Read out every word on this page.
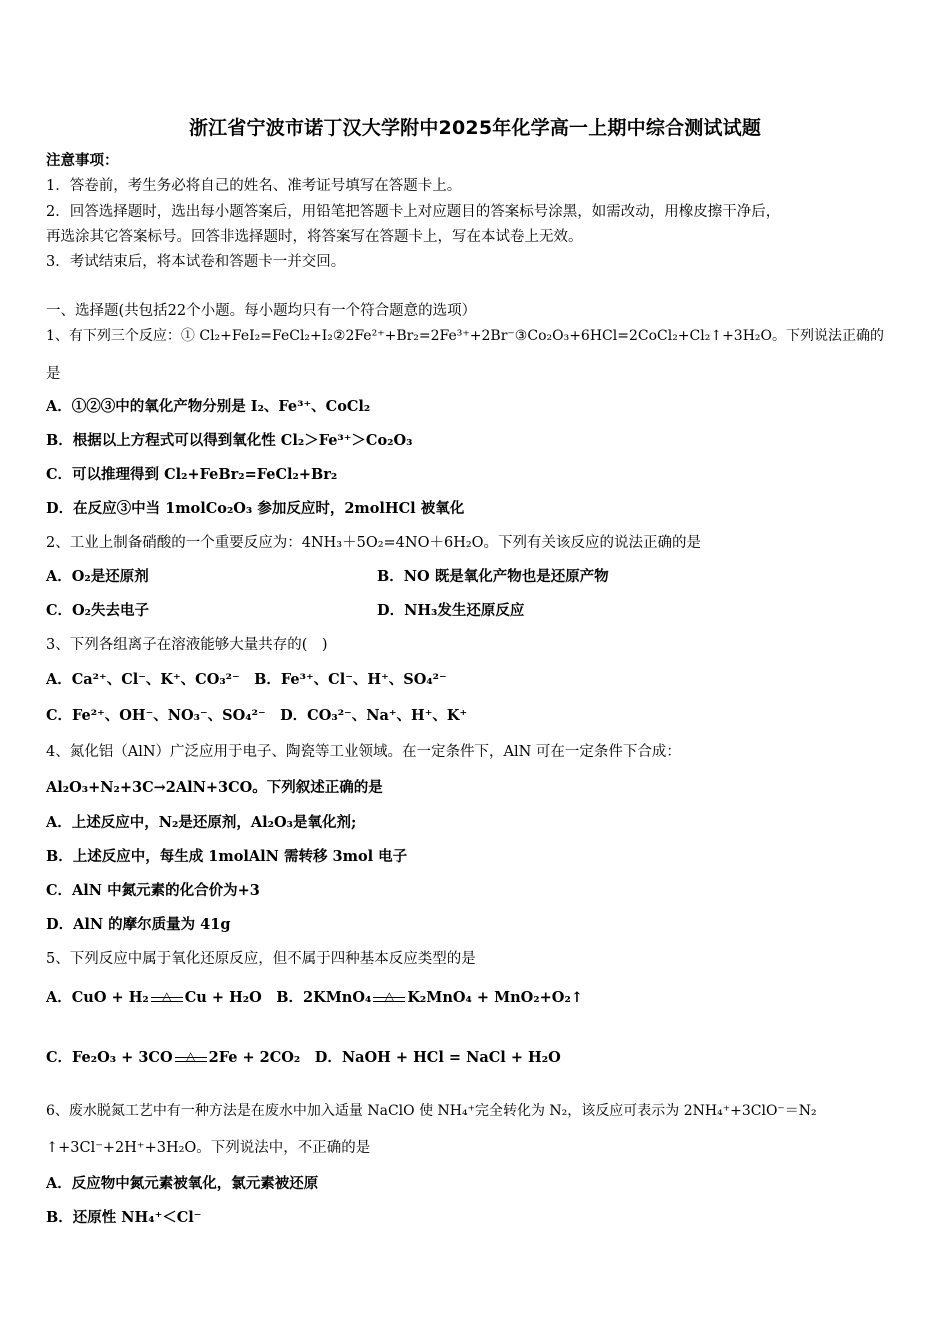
浙江省宁波市诺丁汉大学附中2025年化学高一上期中综合测试试题
注意事项：
1．答卷前，考生务必将自己的姓名、准考证号填写在答题卡上。
2．回答选择题时，选出每小题答案后，用铅笔把答题卡上对应题目的答案标号涂黑，如需改动，用橡皮擦干净后，
再选涂其它答案标号。回答非选择题时，将答案写在答题卡上，写在本试卷上无效。
3．考试结束后，将本试卷和答题卡一并交回。
一、选择题(共包括22个小题。每小题均只有一个符合题意的选项）
1、有下列三个反应：① Cl₂+FeI₂=FeCl₂+I₂②2Fe²⁺+Br₂=2Fe³⁺+2Br⁻③Co₂O₃+6HCl=2CoCl₂+Cl₂↑+3H₂O。下列说法正确的
是
A．①②③中的氧化产物分别是 I₂、Fe³⁺、CoCl₂
B．根据以上方程式可以得到氧化性 Cl₂＞Fe³⁺＞Co₂O₃
C．可以推理得到 Cl₂+FeBr₂=FeCl₂+Br₂
D．在反应③中当 1molCo₂O₃ 参加反应时，2molHCl 被氧化
2、工业上制备硝酸的一个重要反应为：4NH₃＋5O₂=4NO＋6H₂O。下列有关该反应的说法正确的是
A．O₂是还原剂	B．NO 既是氧化产物也是还原产物
C．O₂失去电子	D．NH₃发生还原反应
3、下列各组离子在溶液能够大量共存的(　)
A．Ca²⁺、Cl⁻、K⁺、CO₃²⁻　B．Fe³⁺、Cl⁻、H⁺、SO₄²⁻
C．Fe²⁺、OH⁻、NO₃⁻、SO₄²⁻　D．CO₃²⁻、Na⁺、H⁺、K⁺
4、氮化铝（AlN）广泛应用于电子、陶瓷等工业领域。在一定条件下，AlN 可在一定条件下合成：
Al₂O₃+N₂+3C→2AlN+3CO。下列叙述正确的是
A．上述反应中，N₂是还原剂，Al₂O₃是氧化剂;
B．上述反应中，每生成 1molAlN 需转移 3mol 电子
C．AlN 中氮元素的化合价为+3
D．AlN 的摩尔质量为 41g
5、下列反应中属于氧化还原反应，但不属于四种基本反应类型的是
A．CuO + H₂	△ Cu + H₂O　B．2KMnO₄	△ K₂MnO₄ + MnO₂+O₂↑
C．Fe₂O₃ + 3CO	△ 2Fe + 2CO₂　D．NaOH + HCl = NaCl + H₂O
6、废水脱氮工艺中有一种方法是在废水中加入适量 NaClO 使 NH₄⁺完全转化为 N₂，该反应可表示为 2NH₄⁺+3ClO⁻＝N₂
↑+3Cl⁻+2H⁺+3H₂O。下列说法中，不正确的是
A．反应物中氮元素被氧化，氯元素被还原
B．还原性 NH₄⁺＜Cl⁻
